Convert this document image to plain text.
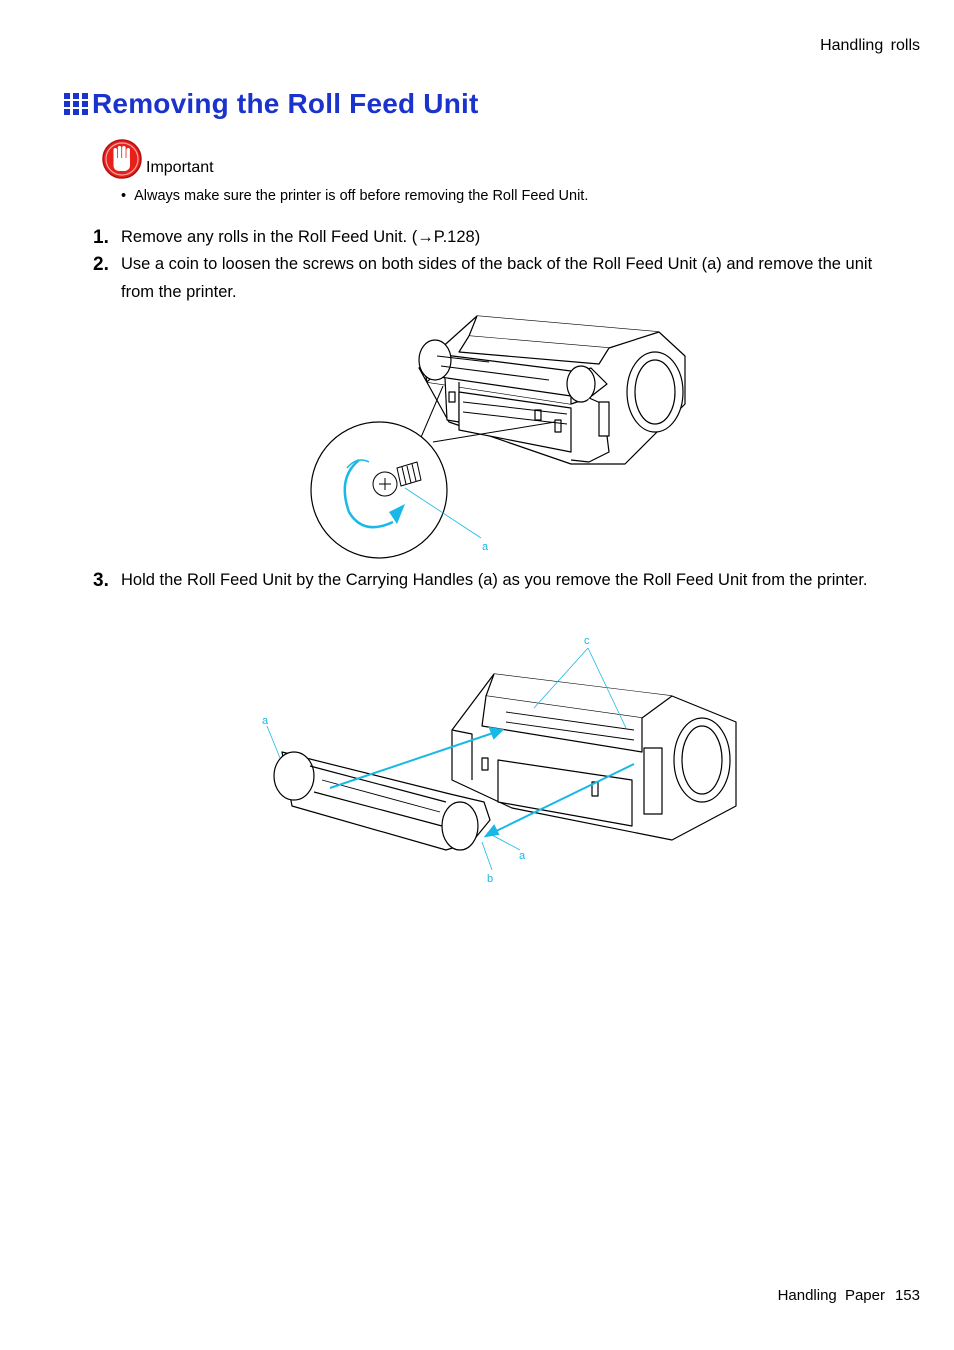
Handling rolls
Removing the Roll Feed Unit
Important
• Always make sure the printer is off before removing the Roll Feed Unit.
1. Remove any rolls in the Roll Feed Unit. (→P.128)
2. Use a coin to loosen the screws on both sides of the back of the Roll Feed Unit (a) and remove the unit from the printer.
a
3. Hold the Roll Feed Unit by the Carrying Handles (a) as you remove the Roll Feed Unit from the printer.
c
a
a
b
Handling Paper 153
